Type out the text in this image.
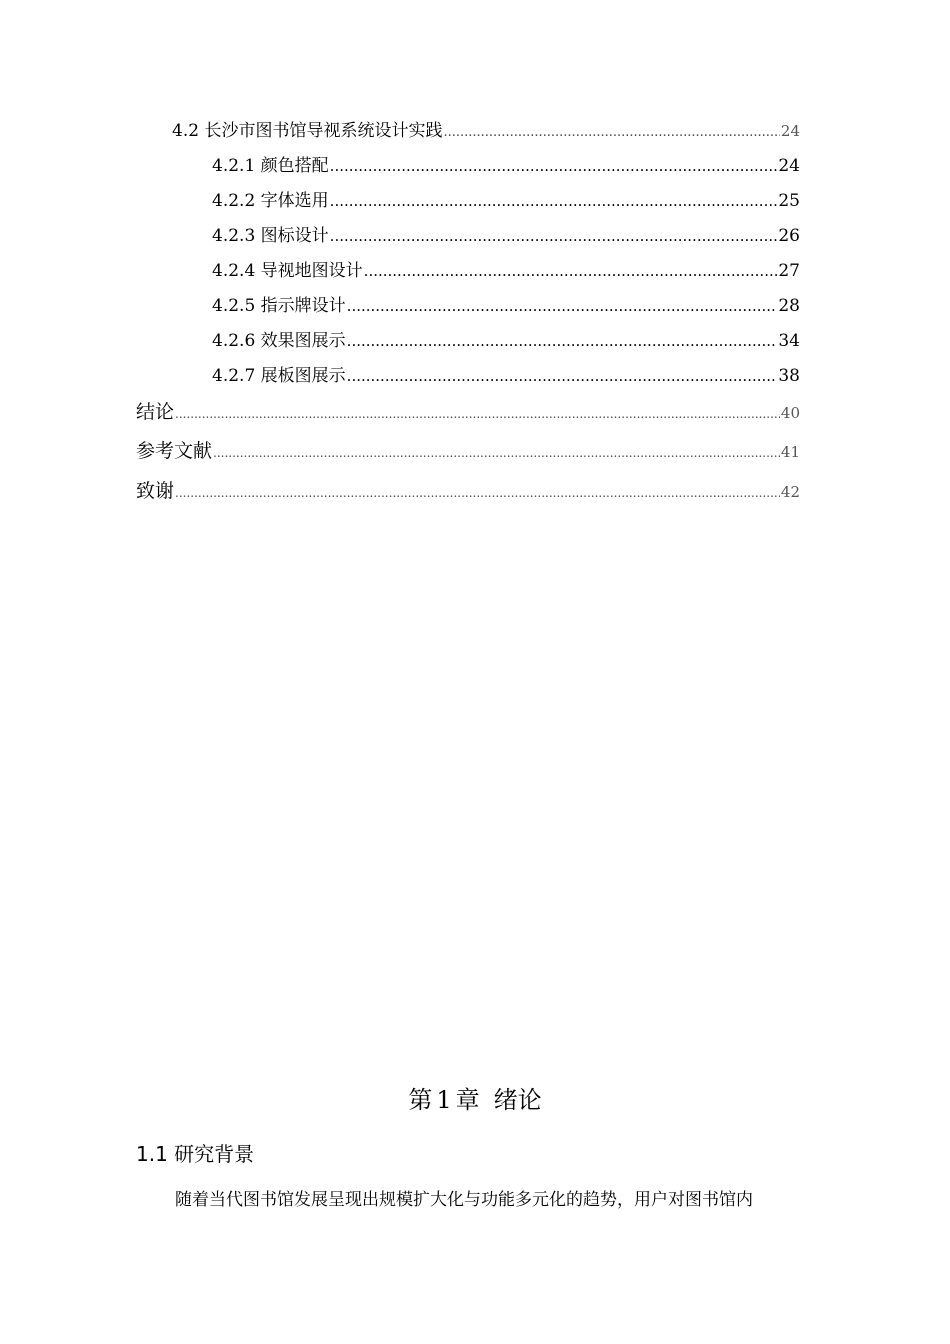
4.2 长沙市图书馆导视系统设计实践 .....	24
4.2.1 颜色搭配 .....	24
4.2.2 字体选用 .....	25
4.2.3 图标设计 .....	26
4.2.4 导视地图设计 .....	27
4.2.5 指示牌设计 .....	28
4.2.6 效果图展示 .....	34
4.2.7 展板图展示 .....	38
结论 .....	40
参考文献 .....	41
致谢 .....	42
第 1 章 绪论
1.1 研究背景
随着当代图书馆发展呈现出规模扩大化与功能多元化的趋势，用户对图书馆内
